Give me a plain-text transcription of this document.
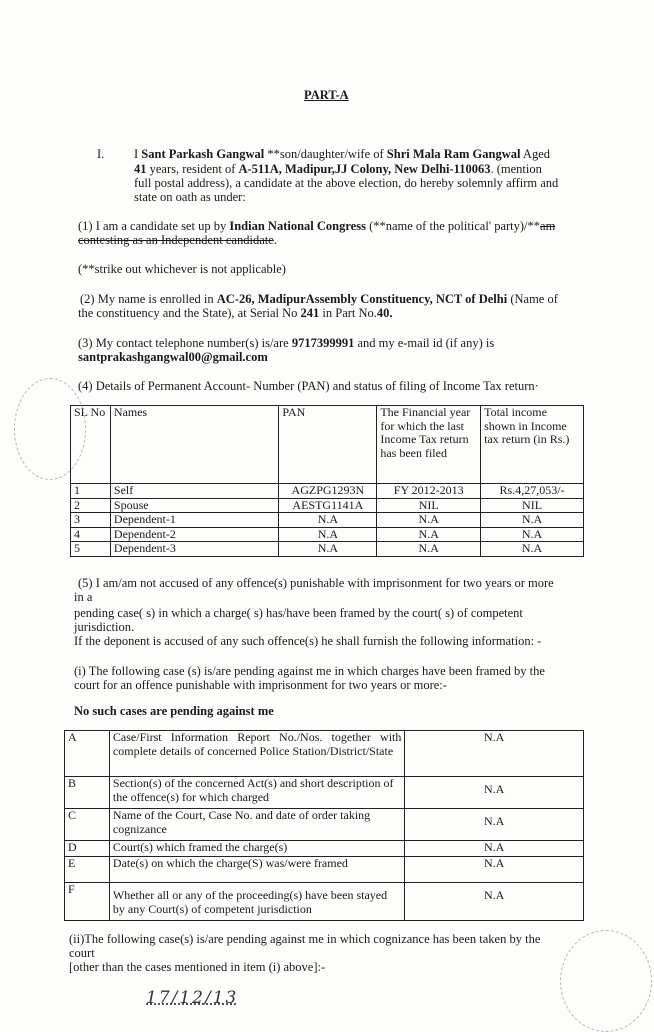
PART-A
I. I Sant Parkash Gangwal **son/daughter/wife of Shri Mala Ram Gangwal Aged
41 years, resident of A-511A, Madipur,JJ Colony, New Delhi-110063. (mention
full postal address), a candidate at the above election, do hereby solemnly affirm and
state on oath as under:
(1) I am a candidate set up by Indian National Congress (**name of the political' party)/**am
contesting as an Independent candidate.
(**strike out whichever is not applicable)
(2) My name is enrolled in AC-26, MadipurAssembly Constituency, NCT of Delhi (Name of
the constituency and the State), at Serial No 241 in Part No.40.
(3) My contact telephone number(s) is/are 9717399991 and my e-mail id (if any) is
santprakashgangwal00@gmail.com
(4) Details of Permanent Account- Number (PAN) and status of filing of Income Tax return·
SL No	Names	PAN	The Financial year for which the last Income Tax return has been filed	Total income shown in Income tax return (in Rs.)
1	Self	AGZPG1293N	FY 2012-2013	Rs.4,27,053/-
2	Spouse	AESTG1141A	NIL	NIL
3	Dependent-1	N.A	N.A	N.A
4	Dependent-2	N.A	N.A	N.A
5	Dependent-3	N.A	N.A	N.A
(5) I am/am not accused of any offence(s) punishable with imprisonment for two years or more
in a
pending case( s) in which a charge( s) has/have been framed by the court( s) of competent
jurisdiction.
If the deponent is accused of any such offence(s) he shall furnish the following information: -
(i) The following case (s) is/are pending against me in which charges have been framed by the
court for an offence punishable with imprisonment for two years or more:-
No such cases are pending against me
A	Case/First Information Report No./Nos. together with complete details of concerned Police Station/District/State	N.A
B	Section(s) of the concerned Act(s) and short description of the offence(s) for which charged	N.A
C	Name of the Court, Case No. and date of order taking cognizance	N.A
D	Court(s) which framed the charge(s)	N.A
E	Date(s) on which the charge(S) was/were framed	N.A
F	Whether all or any of the proceeding(s) have been stayed by any Court(s) of competent jurisdiction	N.A
(ii)The following case(s) is/are pending against me in which cognizance has been taken by the
court
[other than the cases mentioned in item (i) above]:-
17/12/13
